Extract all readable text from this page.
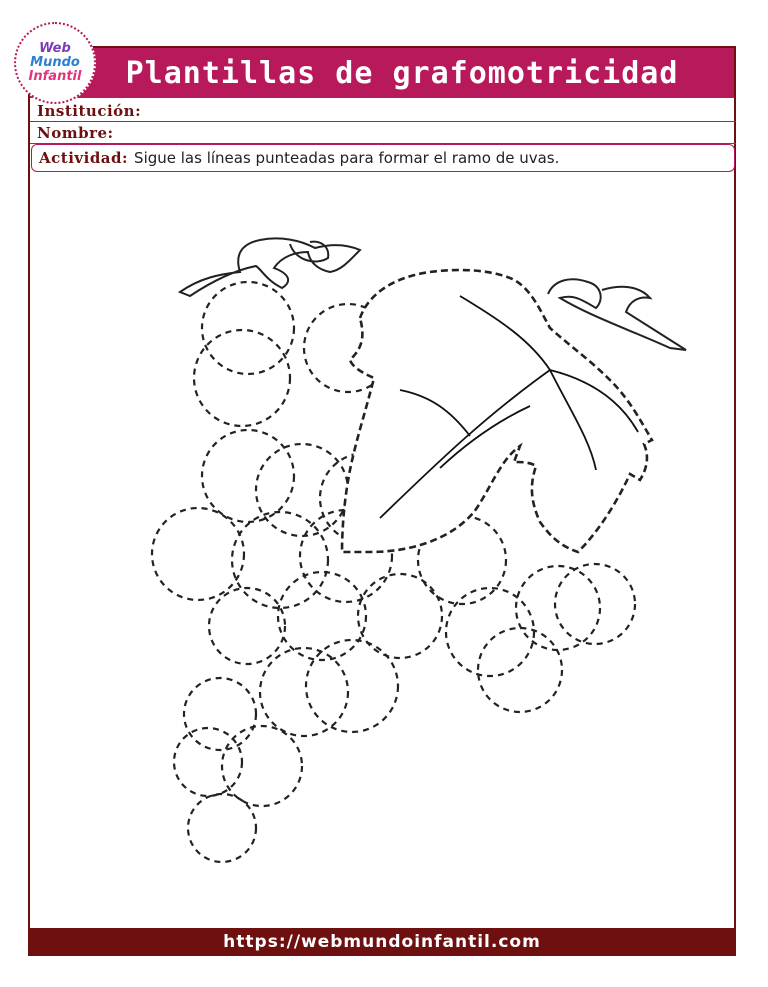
Plantillas de grafomotricidad
Institución:
Nombre:
Actividad: Sigue las líneas punteadas para formar el ramo de uvas.
Web
Mundo
Infantil
https://webmundoinfantil.com
